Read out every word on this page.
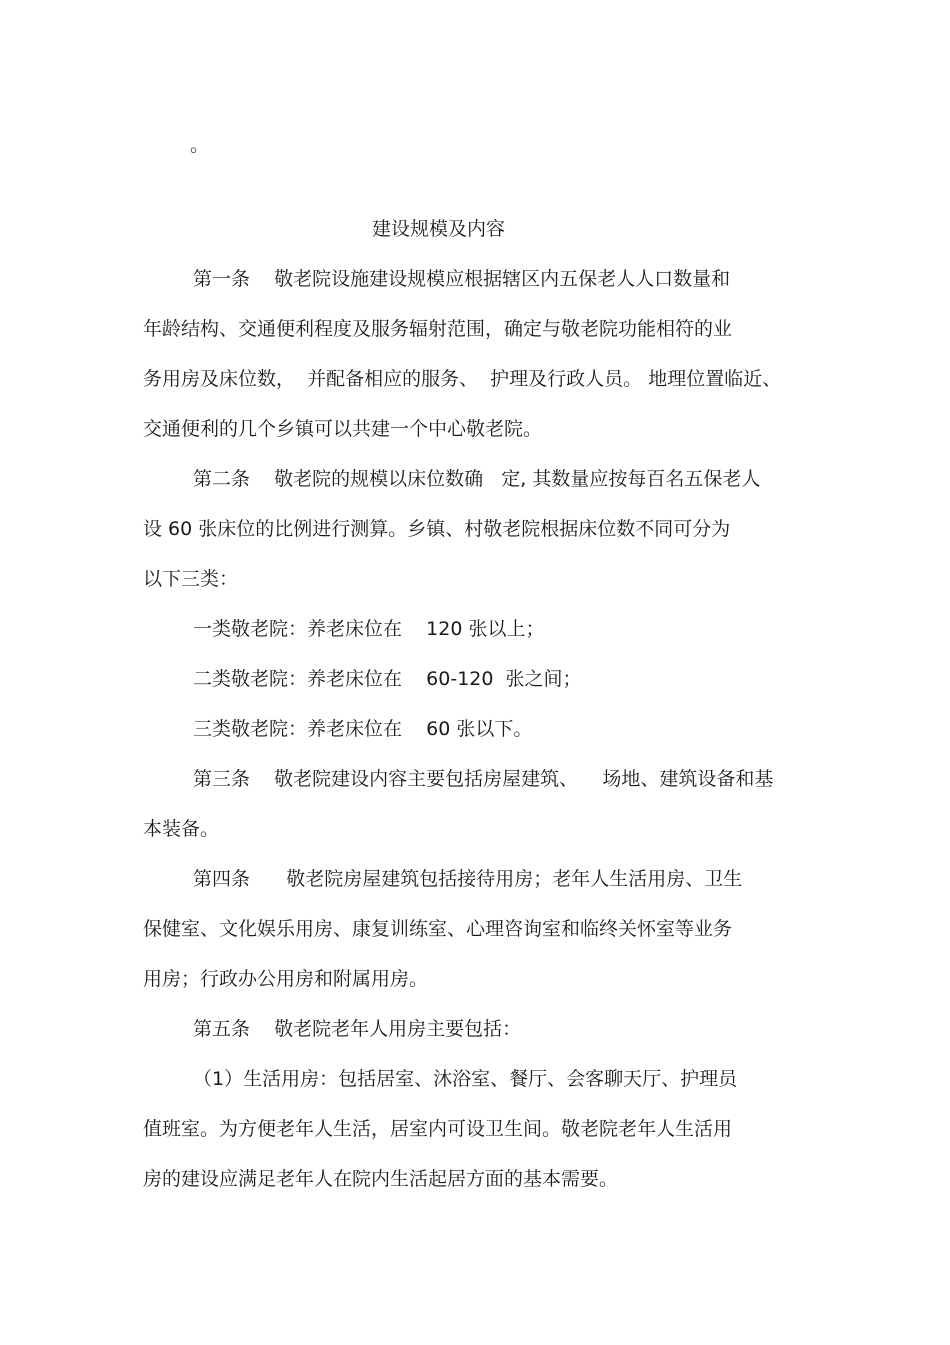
。
建设规模及内容
第一条    敬老院设施建设规模应根据辖区内五保老人人口数量和
年龄结构、交通便利程度及服务辐射范围，确定与敬老院功能相符的业
务用房及床位数，  并配备相应的服务、  护理及行政人员。 地理位置临近、
交通便利的几个乡镇可以共建一个中心敬老院。
第二条    敬老院的规模以床位数确   定, 其数量应按每百名五保老人
设 60 张床位的比例进行测算。乡镇、村敬老院根据床位数不同可分为
以下三类：
一类敬老院：养老床位在    120 张以上；
二类敬老院：养老床位在    60-120  张之间；
三类敬老院：养老床位在    60 张以下。
第三条    敬老院建设内容主要包括房屋建筑、    场地、建筑设备和基
本装备。
第四条      敬老院房屋建筑包括接待用房；老年人生活用房、卫生
保健室、文化娱乐用房、康复训练室、心理咨询室和临终关怀室等业务
用房；行政办公用房和附属用房。
第五条    敬老院老年人用房主要包括：
（1）生活用房：包括居室、沐浴室、餐厅、会客聊天厅、护理员
值班室。为方便老年人生活，居室内可设卫生间。敬老院老年人生活用
房的建设应满足老年人在院内生活起居方面的基本需要。
